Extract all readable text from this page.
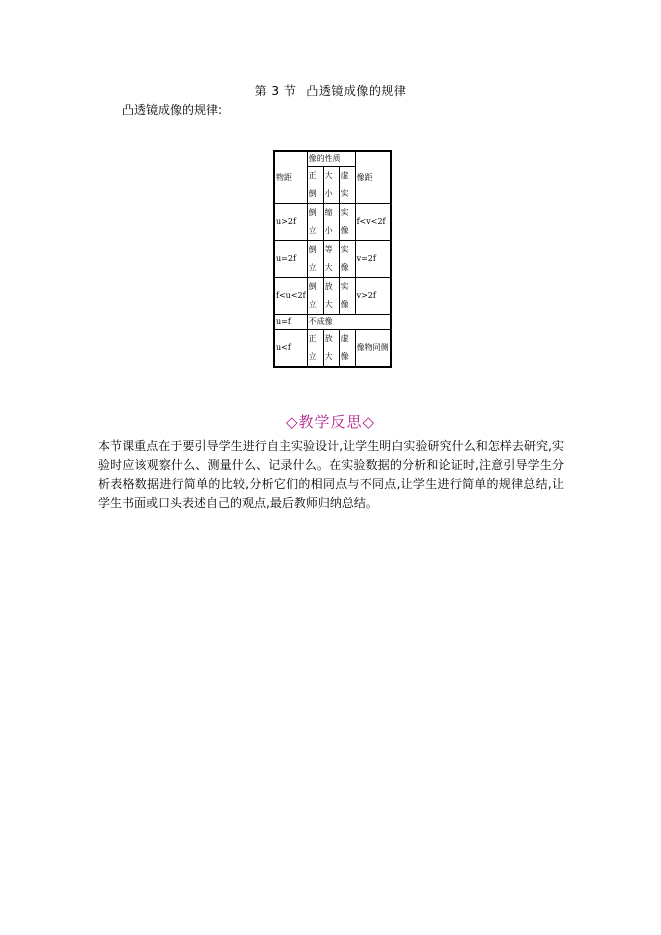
第 3 节 凸透镜成像的规律
凸透镜成像的规律:
物距	像的性质			像距
	正倒	大小	虚实	
u>2f	倒立	缩小	实像	f<v<2f
u=2f	倒立	等大	实像	v=2f
f<u<2f	倒立	放大	实像	v>2f
u=f	不成像			
u<f	正立	放大	虚像	像物同侧
◇教学反思◇
本节课重点在于要引导学生进行自主实验设计,让学生明白实验研究什么和怎样去研究,实验时应该观察什么、测量什么、记录什么。在实验数据的分析和论证时,注意引导学生分析表格数据进行简单的比较,分析它们的相同点与不同点,让学生进行简单的规律总结,让学生书面或口头表述自己的观点,最后教师归纳总结。
